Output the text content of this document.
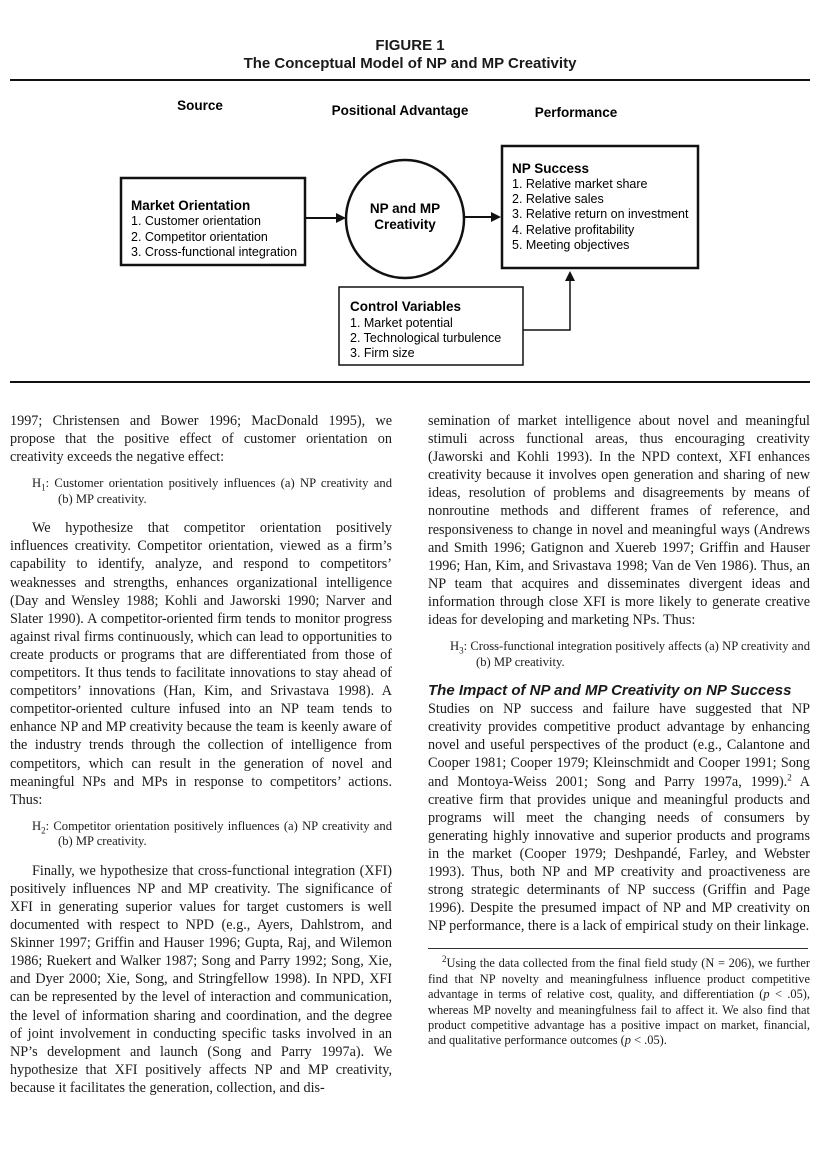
FIGURE 1
The Conceptual Model of NP and MP Creativity
Source	Positional Advantage	Performance
Market Orientation
1. Customer orientation
2. Competitor orientation
3. Cross-functional integration
NP and MP
Creativity
NP Success
1. Relative market share
2. Relative sales
3. Relative return on investment
4. Relative profitability
5. Meeting objectives
Control Variables
1. Market potential
2. Technological turbulence
3. Firm size

1997; Christensen and Bower 1996; MacDonald 1995), we propose that the positive effect of customer orientation on creativity exceeds the negative effect:

$H_1$: Customer orientation positively influences (a) NP creativity and (b) MP creativity.

We hypothesize that competitor orientation positively influences creativity. Competitor orientation, viewed as a firm’s capability to identify, analyze, and respond to competitors’ weaknesses and strengths, enhances organizational intelligence (Day and Wensley 1988; Kohli and Jaworski 1990; Narver and Slater 1990). A competitor-oriented firm tends to monitor progress against rival firms continuously, which can lead to opportunities to create products or programs that are differentiated from those of competitors. It thus tends to facilitate innovations to stay ahead of competitors’ innovations (Han, Kim, and Srivastava 1998). A competitor-oriented culture infused into an NP team tends to enhance NP and MP creativity because the team is keenly aware of the industry trends through the collection of intelligence from competitors, which can result in the generation of novel and meaningful NPs and MPs in response to competitors’ actions. Thus:

$H_2$: Competitor orientation positively influences (a) NP creativity and (b) MP creativity.

Finally, we hypothesize that cross-functional integration (XFI) positively influences NP and MP creativity. The significance of XFI in generating superior values for target customers is well documented with respect to NPD (e.g., Ayers, Dahlstrom, and Skinner 1997; Griffin and Hauser 1996; Gupta, Raj, and Wilemon 1986; Ruekert and Walker 1987; Song and Parry 1992; Song, Xie, and Dyer 2000; Xie, Song, and Stringfellow 1998). In NPD, XFI can be represented by the level of interaction and communication, the level of information sharing and coordination, and the degree of joint involvement in conducting specific tasks involved in an NP’s development and launch (Song and Parry 1997a). We hypothesize that XFI positively affects NP and MP creativity, because it facilitates the generation, collection, and dis-

semination of market intelligence about novel and meaningful stimuli across functional areas, thus encouraging creativity (Jaworski and Kohli 1993). In the NPD context, XFI enhances creativity because it involves open generation and sharing of new ideas, resolution of problems and disagreements by means of nonroutine methods and different frames of reference, and responsiveness to change in novel and meaningful ways (Andrews and Smith 1996; Gatignon and Xuereb 1997; Griffin and Hauser 1996; Han, Kim, and Srivastava 1998; Van de Ven 1986). Thus, an NP team that acquires and disseminates divergent ideas and information through close XFI is more likely to generate creative ideas for developing and marketing NPs. Thus:

$H_3$: Cross-functional integration positively affects (a) NP creativity and (b) MP creativity.

The Impact of NP and MP Creativity on NP Success

Studies on NP success and failure have suggested that NP creativity provides competitive product advantage by enhancing novel and useful perspectives of the product (e.g., Calantone and Cooper 1981; Cooper 1979; Kleinschmidt and Cooper 1991; Song and Montoya-Weiss 2001; Song and Parry 1997a, 1999).$^2$ A creative firm that provides unique and meaningful products and programs will meet the changing needs of consumers by generating highly innovative and superior products and programs in the market (Cooper 1979; Deshpandé, Farley, and Webster 1993). Thus, both NP and MP creativity and proactiveness are strong strategic determinants of NP success (Griffin and Page 1996). Despite the presumed impact of NP and MP creativity on NP performance, there is a lack of empirical study on their linkage.

$^2$Using the data collected from the final field study (N = 206), we further find that NP novelty and meaningfulness influence product competitive advantage in terms of relative cost, quality, and differentiation (p < .05), whereas MP novelty and meaningfulness fail to affect it. We also find that product competitive advantage has a positive impact on market, financial, and qualitative performance outcomes (p < .05).
